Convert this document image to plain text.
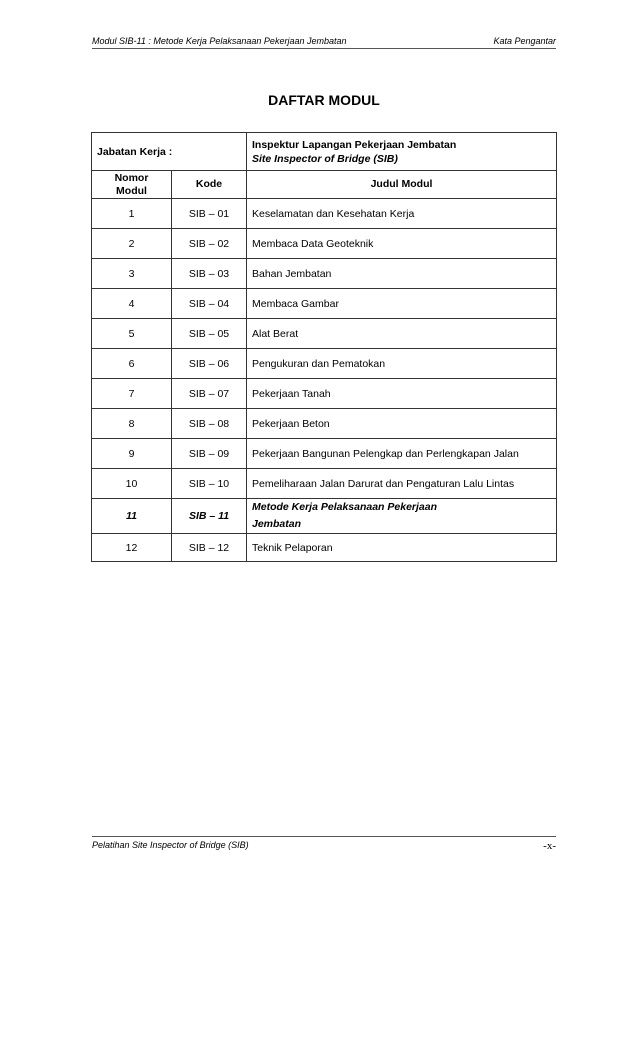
Modul SIB-11 : Metode Kerja Pelaksanaan Pekerjaan Jembatan	Kata Pengantar
DAFTAR MODUL
Jabatan Kerja :		Inspektur Lapangan Pekerjaan Jembatan
Site Inspector of Bridge (SIB)

Nomor
Modul	Kode	Judul Modul
1	SIB – 01	Keselamatan dan Kesehatan Kerja
2	SIB – 02	Membaca Data Geoteknik
3	SIB – 03	Bahan Jembatan
4	SIB – 04	Membaca Gambar
5	SIB – 05	Alat Berat
6	SIB – 06	Pengukuran dan Pematokan
7	SIB – 07	Pekerjaan Tanah
8	SIB – 08	Pekerjaan Beton
9	SIB – 09	Pekerjaan Bangunan Pelengkap dan Perlengkapan Jalan
10	SIB – 10	Pemeliharaan Jalan Darurat dan Pengaturan Lalu Lintas
11	SIB – 11	Metode Kerja Pelaksanaan Pekerjaan
Jembatan

12	SIB – 12	Teknik Pelaporan
Pelatihan Site Inspector of Bridge (SIB)	-x-
